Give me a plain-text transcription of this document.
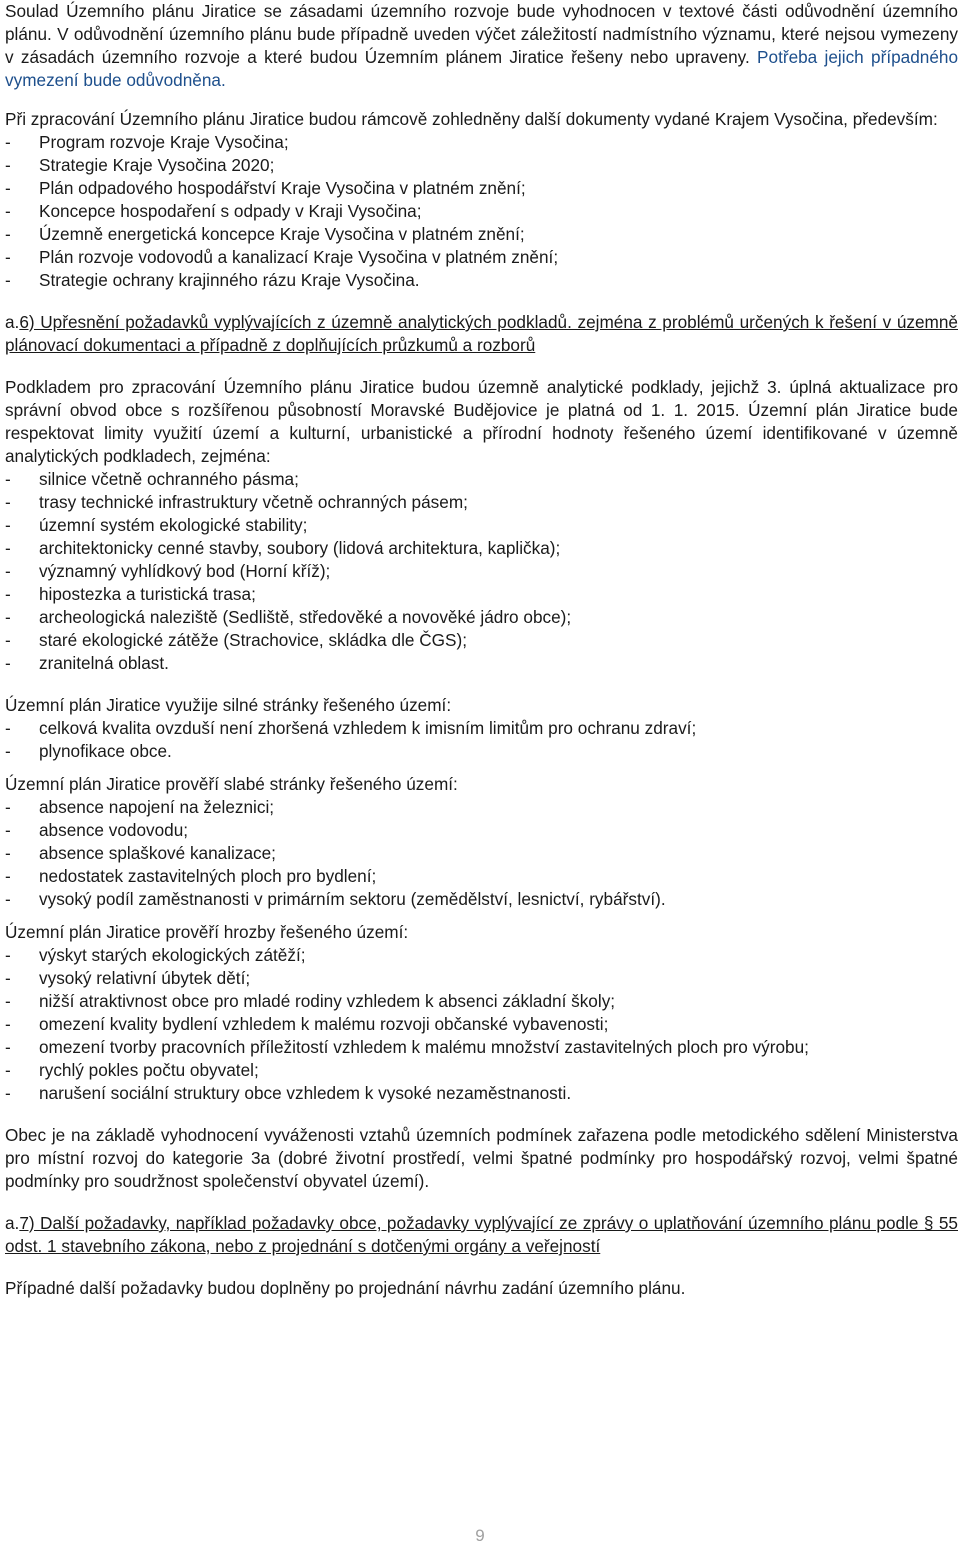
Soulad Územního plánu Jiratice se zásadami územního rozvoje bude vyhodnocen v textové části odůvodnění územního plánu. V odůvodnění územního plánu bude případně uveden výčet záležitostí nadmístního významu, které nejsou vymezeny v zásadách územního rozvoje a které budou Územním plánem Jiratice řešeny nebo upraveny. Potřeba jejich případného vymezení bude odůvodněna.

Při zpracování Územního plánu Jiratice budou rámcově zohledněny další dokumenty vydané Krajem Vysočina, především:

- Program rozvoje Kraje Vysočina;
- Strategie Kraje Vysočina 2020;
- Plán odpadového hospodářství Kraje Vysočina v platném znění;
- Koncepce hospodaření s odpady v Kraji Vysočina;
- Územně energetická koncepce Kraje Vysočina v platném znění;
- Plán rozvoje vodovodů a kanalizací Kraje Vysočina v platném znění;
- Strategie ochrany krajinného rázu Kraje Vysočina.

a.6) Upřesnění požadavků vyplývajících z územně analytických podkladů. zejména z problémů určených k řešení v územně plánovací dokumentaci a případně z doplňujících průzkumů a rozborů

Podkladem pro zpracování Územního plánu Jiratice budou územně analytické podklady, jejichž 3. úplná aktualizace pro správní obvod obce s rozšířenou působností Moravské Budějovice je platná od 1. 1. 2015. Územní plán Jiratice bude respektovat limity využití území a kulturní, urbanistické a přírodní hodnoty řešeného území identifikované v územně analytických podkladech, zejména:

- silnice včetně ochranného pásma;
- trasy technické infrastruktury včetně ochranných pásem;
- územní systém ekologické stability;
- architektonicky cenné stavby, soubory (lidová architektura, kaplička);
- významný vyhlídkový bod (Horní kříž);
- hipostezka a turistická trasa;
- archeologická naleziště (Sedliště, středověké a novověké jádro obce);
- staré ekologické zátěže (Strachovice, skládka dle ČGS);
- zranitelná oblast.

Územní plán Jiratice využije silné stránky řešeného území:

- celková kvalita ovzduší není zhoršená vzhledem k imisním limitům pro ochranu zdraví;
- plynofikace obce.

Územní plán Jiratice prověří slabé stránky řešeného území:

- absence napojení na železnici;
- absence vodovodu;
- absence splaškové kanalizace;
- nedostatek zastavitelných ploch pro bydlení;
- vysoký podíl zaměstnanosti v primárním sektoru (zemědělství, lesnictví, rybářství).

Územní plán Jiratice prověří hrozby řešeného území:

- výskyt starých ekologických zátěží;
- vysoký relativní úbytek dětí;
- nižší atraktivnost obce pro mladé rodiny vzhledem k absenci základní školy;
- omezení kvality bydlení vzhledem k malému rozvoji občanské vybavenosti;
- omezení tvorby pracovních příležitostí vzhledem k malému množství zastavitelných ploch pro výrobu;
- rychlý pokles počtu obyvatel;
- narušení sociální struktury obce vzhledem k vysoké nezaměstnanosti.

Obec je na základě vyhodnocení vyváženosti vztahů územních podmínek zařazena podle metodického sdělení Ministerstva pro místní rozvoj do kategorie 3a (dobré životní prostředí, velmi špatné podmínky pro hospodářský rozvoj, velmi špatné podmínky pro soudržnost společenství obyvatel území).

a.7) Další požadavky, například požadavky obce, požadavky vyplývající ze zprávy o uplatňování územního plánu podle § 55 odst. 1 stavebního zákona, nebo z projednání s dotčenými orgány a veřejností

Případné další požadavky budou doplněny po projednání návrhu zadání územního plánu.

9
